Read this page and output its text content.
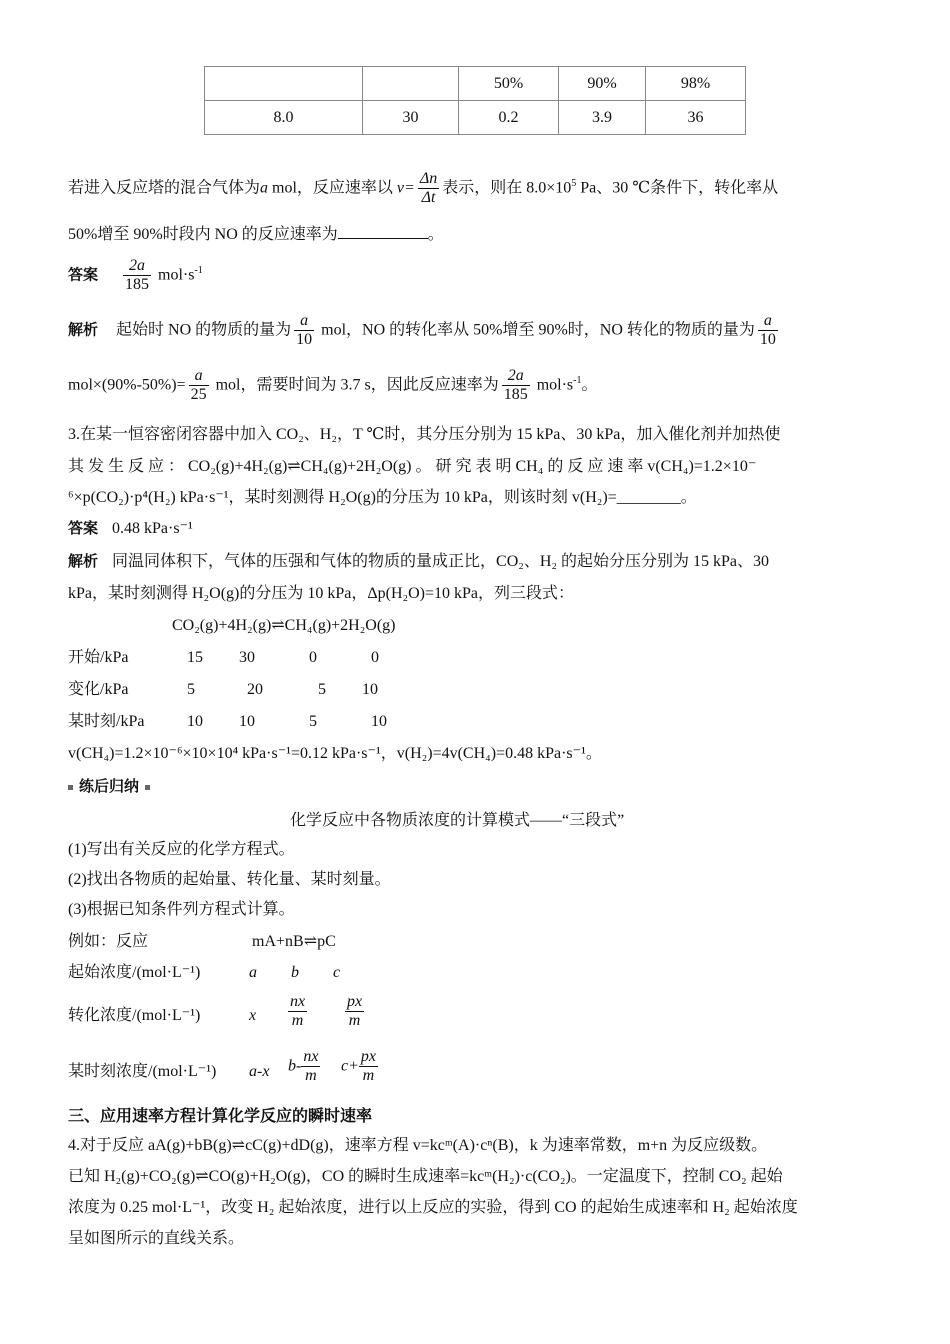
		50%	90%	98%
8.0	30	0.2	3.9	36
若进入反应塔的混合气体为a mol，反应速率以 $v= \frac{\Delta n}{\Delta t}$ 表示，则在 $8.0\times 10^5$ Pa、30 ℃条件下，转化率从
50%增至 90%时段内 NO 的反应速率为	。
答案 $\frac{2a}{185} mol\cdot s^{-1}$
解析 起始时 NO 的物质的量为 $\frac{a}{10}$ mol，NO 的转化率从 50%增至 90%时，NO 转化的物质的量为 $\frac{a}{10}$
$mol\times(90\%-50\%)= \frac{a}{25}$ mol，需要时间为 3.7 s，因此反应速率为 $\frac{2a}{185} mol\cdot s^{-1}$。
3.在某一恒容密闭容器中加入 CO₂、H₂，T ℃时，其分压分别为 15 kPa、30 kPa，加入催化剂并加热使
其 发 生 反 应 ： CO₂(g)+4H₂(g)⇌CH₄(g)+2H₂O(g) 。 研 究 表 明 CH₄ 的 反 应 速 率 v(CH₄)=1.2×10⁻
⁶×p(CO₂)·p⁴(H₂) kPa·s⁻¹，某时刻测得 H₂O(g)的分压为 10 kPa，则该时刻 v(H₂)=________。
答案 0.48 kPa·s⁻¹
解析 同温同体积下，气体的压强和气体的物质的量成正比，CO₂、H₂ 的起始分压分别为 15 kPa、30
kPa，某时刻测得 H₂O(g)的分压为 10 kPa，Δp(H₂O)=10 kPa，列三段式：
CO₂(g)+4H₂(g)⇌CH₄(g)+2H₂O(g)
开始/kPa	15 30	0	0
变化/kPa	5	20	5 10
某时刻/kPa	10 10	5	10
v(CH₄)=1.2×10⁻⁶×10×10⁴ kPa·s⁻¹=0.12 kPa·s⁻¹，v(H₂)=4v(CH₄)=0.48 kPa·s⁻¹。
练后归纳
化学反应中各物质浓度的计算模式——“三段式”
(1)写出有关反应的化学方程式。
(2)找出各物质的起始量、转化量、某时刻量。
(3)根据已知条件列方程式计算。
例如：反应	mA+nB⇌pC
起始浓度/(mol·L⁻¹)	a b c
转化浓度/(mol·L⁻¹)	x $\frac{nx}{m} \frac{px}{m}$
某时刻浓度/(mol·L⁻¹) a-x $b- \frac{nx}{m} c+ \frac{px}{m}$
三、应用速率方程计算化学反应的瞬时速率
4.对于反应 aA(g)+bB(g)⇌cC(g)+dD(g)，速率方程 v=kcᵐ(A)·cⁿ(B)，k 为速率常数，m+n 为反应级数。
已知 H₂(g)+CO₂(g)⇌CO(g)+H₂O(g)，CO 的瞬时生成速率=kcᵐ(H₂)·c(CO₂)。一定温度下，控制 CO₂ 起始
浓度为 0.25 mol·L⁻¹，改变 H₂ 起始浓度，进行以上反应的实验，得到 CO 的起始生成速率和 H₂ 起始浓度
呈如图所示的直线关系。
